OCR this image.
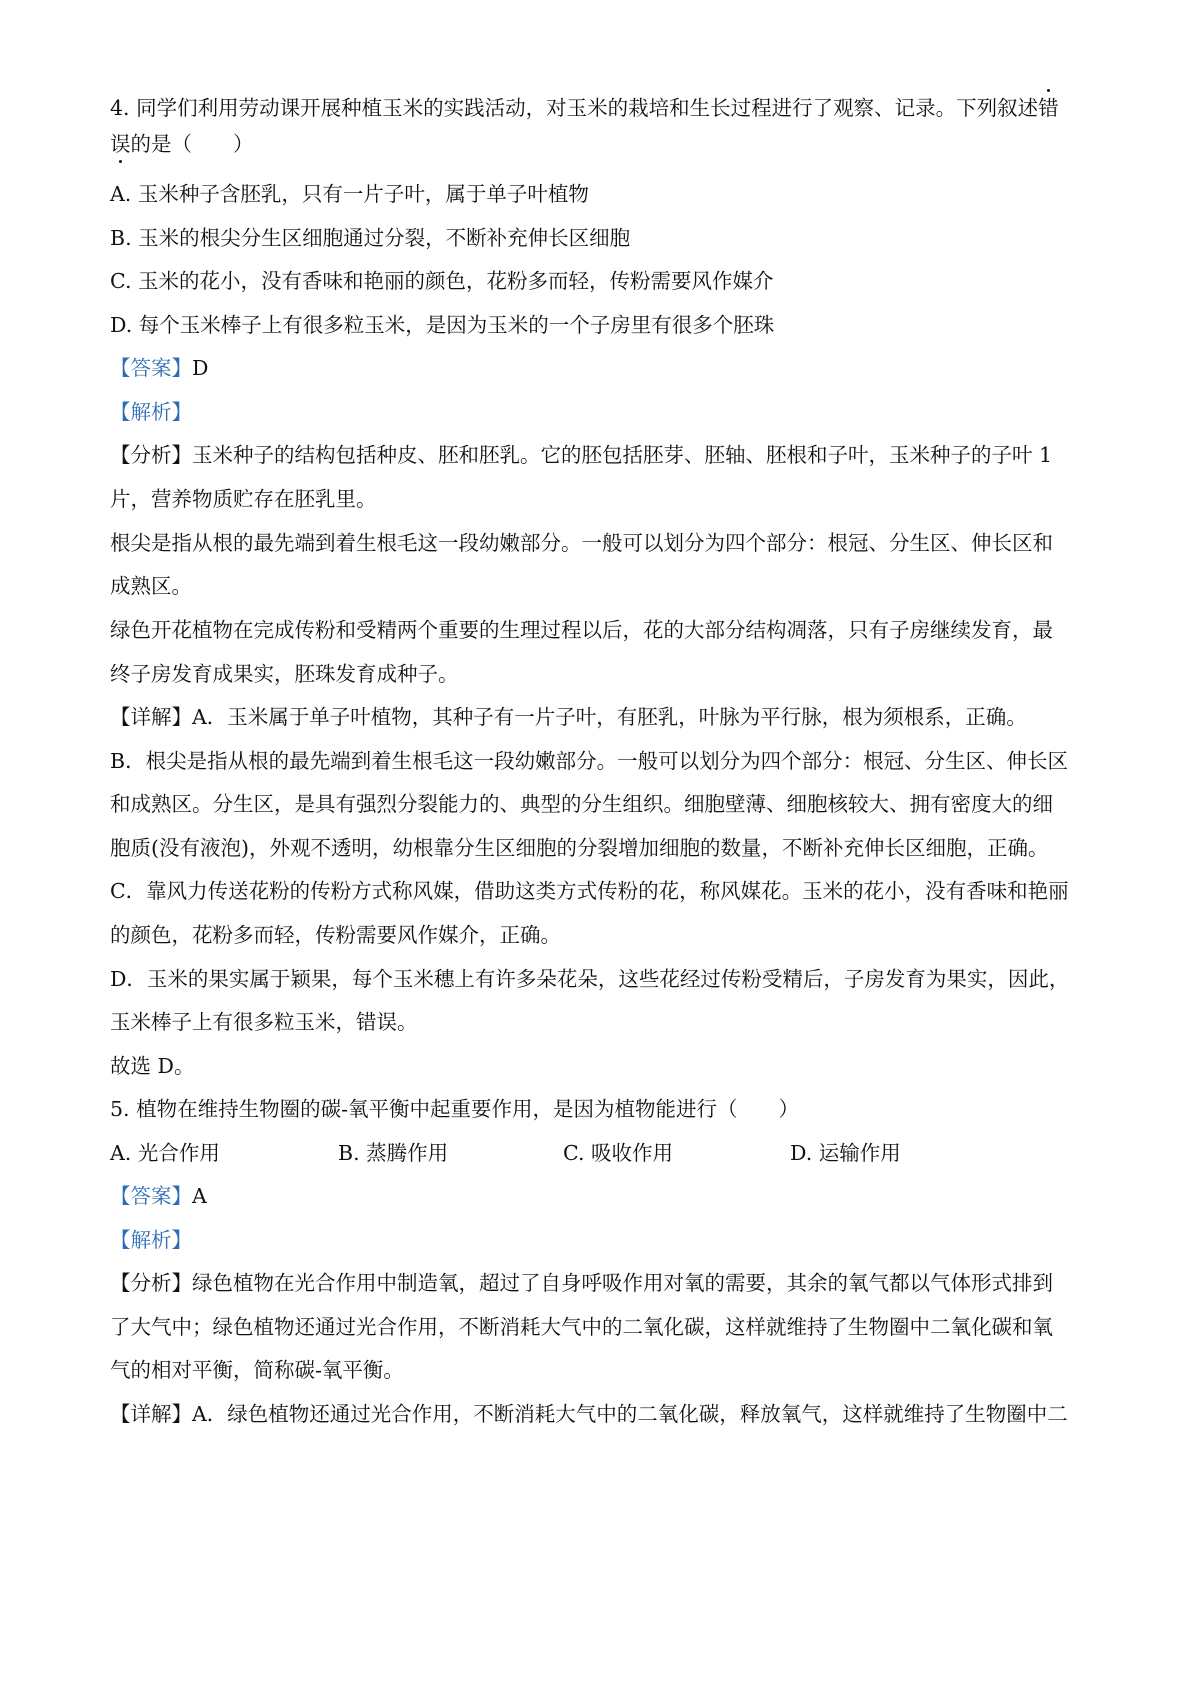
4. 同学们利用劳动课开展种植玉米的实践活动，对玉米的栽培和生长过程进行了观察、记录。下列叙述错
误的是（　　）
A. 玉米种子含胚乳，只有一片子叶，属于单子叶植物
B. 玉米的根尖分生区细胞通过分裂，不断补充伸长区细胞
C. 玉米的花小，没有香味和艳丽的颜色，花粉多而轻，传粉需要风作媒介
D. 每个玉米棒子上有很多粒玉米，是因为玉米的一个子房里有很多个胚珠
【答案】D
【解析】
【分析】玉米种子的结构包括种皮、胚和胚乳。它的胚包括胚芽、胚轴、胚根和子叶，玉米种子的子叶 1
片，营养物质贮存在胚乳里。
根尖是指从根的最先端到着生根毛这一段幼嫩部分。一般可以划分为四个部分：根冠、分生区、伸长区和
成熟区。
绿色开花植物在完成传粉和受精两个重要的生理过程以后，花的大部分结构凋落，只有子房继续发育，最
终子房发育成果实，胚珠发育成种子。
【详解】A．玉米属于单子叶植物，其种子有一片子叶，有胚乳，叶脉为平行脉，根为须根系，正确。
B．根尖是指从根的最先端到着生根毛这一段幼嫩部分。一般可以划分为四个部分：根冠、分生区、伸长区
和成熟区。分生区，是具有强烈分裂能力的、典型的分生组织。细胞壁薄、细胞核较大、拥有密度大的细
胞质(没有液泡)，外观不透明，幼根靠分生区细胞的分裂增加细胞的数量，不断补充伸长区细胞，正确。
C．靠风力传送花粉的传粉方式称风媒，借助这类方式传粉的花，称风媒花。玉米的花小，没有香味和艳丽
的颜色，花粉多而轻，传粉需要风作媒介，正确。
D．玉米的果实属于颖果，每个玉米穗上有许多朵花朵，这些花经过传粉受精后，子房发育为果实，因此，
玉米棒子上有很多粒玉米，错误。
故选 D。
5. 植物在维持生物圈的碳-氧平衡中起重要作用，是因为植物能进行（　　）
A. 光合作用	B. 蒸腾作用	C. 吸收作用	D. 运输作用
【答案】A
【解析】
【分析】绿色植物在光合作用中制造氧，超过了自身呼吸作用对氧的需要，其余的氧气都以气体形式排到
了大气中；绿色植物还通过光合作用，不断消耗大气中的二氧化碳，这样就维持了生物圈中二氧化碳和氧
气的相对平衡，简称碳-氧平衡。
【详解】A．绿色植物还通过光合作用，不断消耗大气中的二氧化碳，释放氧气，这样就维持了生物圈中二
